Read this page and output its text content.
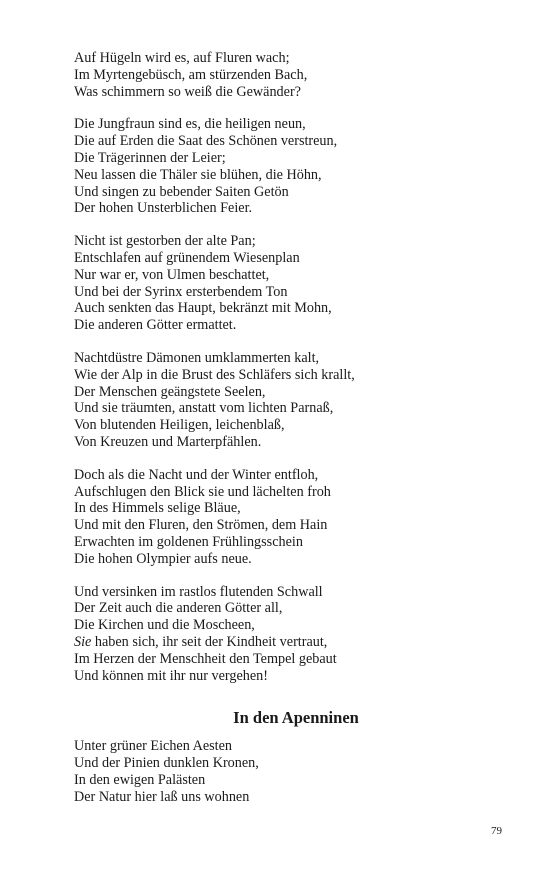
Auf Hügeln wird es, auf Fluren wach;
Im Myrtengebüsch, am stürzenden Bach,
Was schimmern so weiß die Gewänder?
Die Jungfraun sind es, die heiligen neun,
Die auf Erden die Saat des Schönen verstreun,
Die Trägerinnen der Leier;
Neu lassen die Thäler sie blühen, die Höhn,
Und singen zu bebender Saiten Getön
Der hohen Unsterblichen Feier.
Nicht ist gestorben der alte Pan;
Entschlafen auf grünendem Wiesenplan
Nur war er, von Ulmen beschattet,
Und bei der Syrinx ersterbendem Ton
Auch senkten das Haupt, bekränzt mit Mohn,
Die anderen Götter ermattet.
Nachtdüstre Dämonen umklammerten kalt,
Wie der Alp in die Brust des Schläfers sich krallt,
Der Menschen geängstete Seelen,
Und sie träumten, anstatt vom lichten Parnaß,
Von blutenden Heiligen, leichenblaß,
Von Kreuzen und Marterpfählen.
Doch als die Nacht und der Winter entfloh,
Aufschlugen den Blick sie und lächelten froh
In des Himmels selige Bläue,
Und mit den Fluren, den Strömen, dem Hain
Erwachten im goldenen Frühlingsschein
Die hohen Olympier aufs neue.
Und versinken im rastlos flutenden Schwall
Der Zeit auch die anderen Götter all,
Die Kirchen und die Moscheen,
Sie haben sich, ihr seit der Kindheit vertraut,
Im Herzen der Menschheit den Tempel gebaut
Und können mit ihr nur vergehen!
In den Apenninen
Unter grüner Eichen Aesten
Und der Pinien dunklen Kronen,
In den ewigen Palästen
Der Natur hier laß uns wohnen
79
